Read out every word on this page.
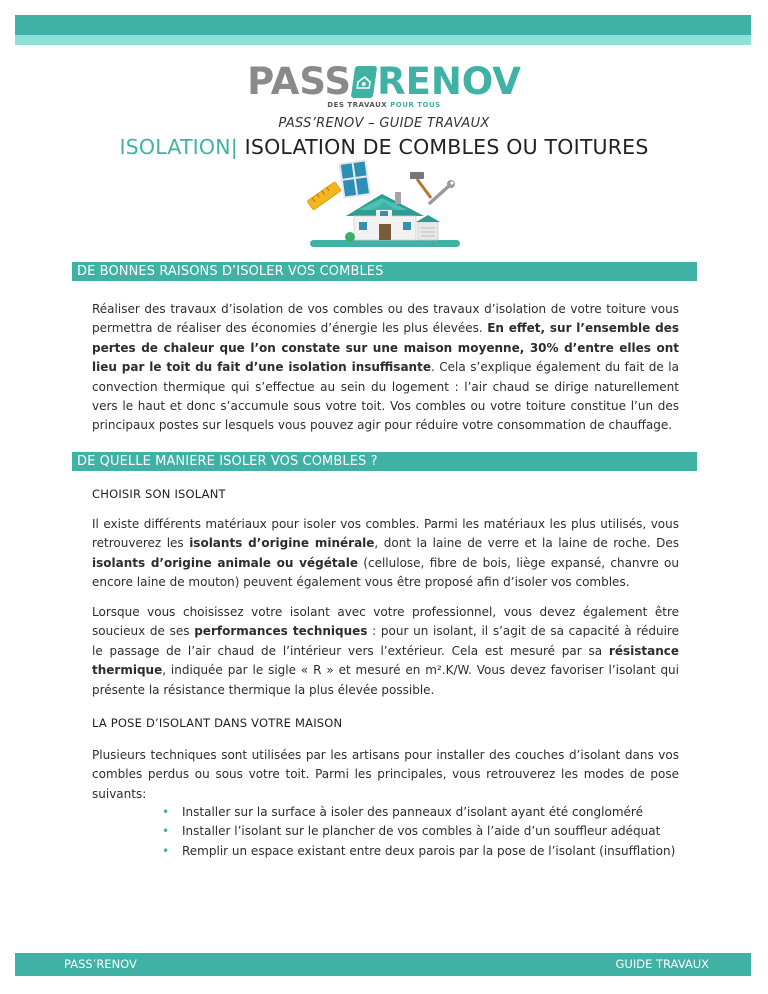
PASS RENOV
DES TRAVAUX POUR TOUS
PASS’RENOV – GUIDE TRAVAUX
ISOLATION| ISOLATION DE COMBLES OU TOITURES
DE BONNES RAISONS D’ISOLER VOS COMBLES
Réaliser des travaux d’isolation de vos combles ou des travaux d’isolation de votre toiture vous permettra de réaliser des économies d’énergie les plus élevées. En effet, sur l’ensemble des pertes de chaleur que l’on constate sur une maison moyenne, 30% d’entre elles ont lieu par le toit du fait d’une isolation insuffisante. Cela s’explique également du fait de la convection thermique qui s’effectue au sein du logement : l’air chaud se dirige naturellement vers le haut et donc s’accumule sous votre toit. Vos combles ou votre toiture constitue l’un des principaux postes sur lesquels vous pouvez agir pour réduire votre consommation de chauffage.
DE QUELLE MANIERE ISOLER VOS COMBLES ?
CHOISIR SON ISOLANT
Il existe différents matériaux pour isoler vos combles. Parmi les matériaux les plus utilisés, vous retrouverez les isolants d’origine minérale, dont la laine de verre et la laine de roche. Des isolants d’origine animale ou végétale (cellulose, fibre de bois, liège expansé, chanvre ou encore laine de mouton) peuvent également vous être proposé afin d’isoler vos combles.
Lorsque vous choisissez votre isolant avec votre professionnel, vous devez également être soucieux de ses performances techniques : pour un isolant, il s’agit de sa capacité à réduire le passage de l’air chaud de l’intérieur vers l’extérieur. Cela est mesuré par sa résistance thermique, indiquée par le sigle « R » et mesuré en m².K/W. Vous devez favoriser l’isolant qui présente la résistance thermique la plus élevée possible.
LA POSE D’ISOLANT DANS VOTRE MAISON
Plusieurs techniques sont utilisées par les artisans pour installer des couches d’isolant dans vos combles perdus ou sous votre toit. Parmi les principales, vous retrouverez les modes de pose suivants:
• Installer sur la surface à isoler des panneaux d’isolant ayant été congloméré
• Installer l’isolant sur le plancher de vos combles à l’aide d’un souffleur adéquat
• Remplir un espace existant entre deux parois par la pose de l’isolant (insufflation)
PASS’RENOV	GUIDE TRAVAUX
